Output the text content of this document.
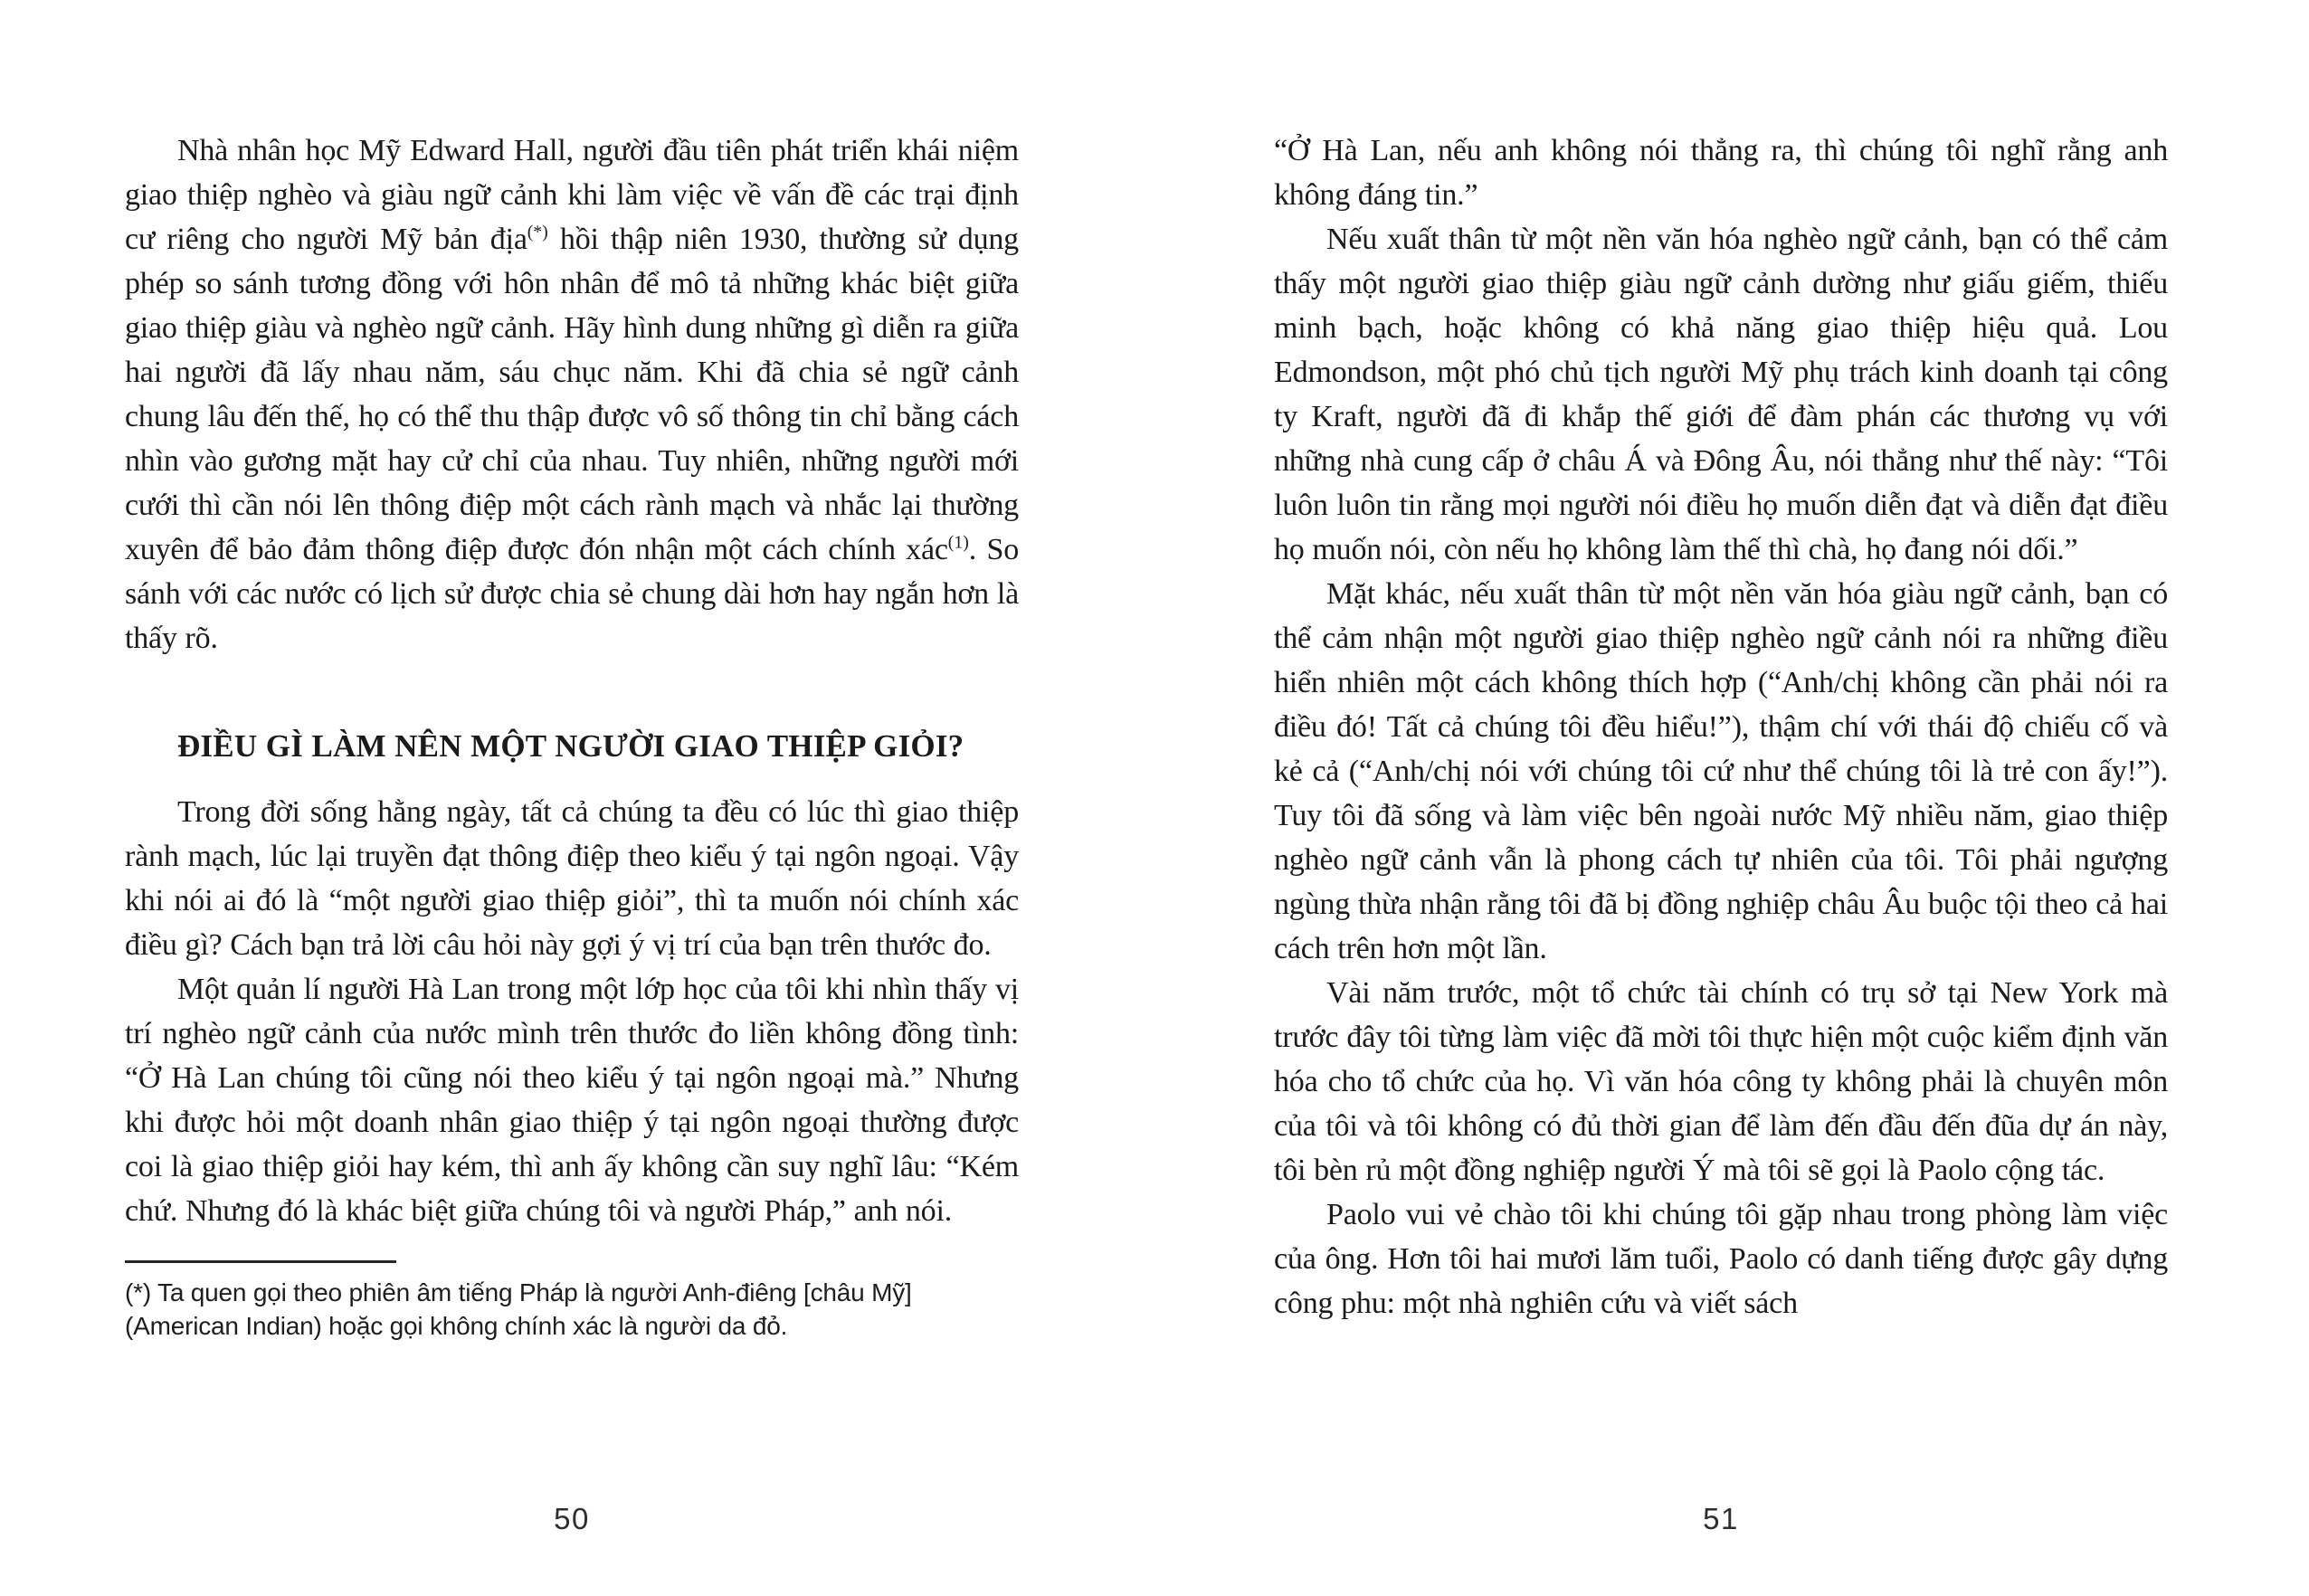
Nhà nhân học Mỹ Edward Hall, người đầu tiên phát triển khái niệm giao thiệp nghèo và giàu ngữ cảnh khi làm việc về vấn đề các trại định cư riêng cho người Mỹ bản địa(*) hồi thập niên 1930, thường sử dụng phép so sánh tương đồng với hôn nhân để mô tả những khác biệt giữa giao thiệp giàu và nghèo ngữ cảnh. Hãy hình dung những gì diễn ra giữa hai người đã lấy nhau năm, sáu chục năm. Khi đã chia sẻ ngữ cảnh chung lâu đến thế, họ có thể thu thập được vô số thông tin chỉ bằng cách nhìn vào gương mặt hay cử chỉ của nhau. Tuy nhiên, những người mới cưới thì cần nói lên thông điệp một cách rành mạch và nhắc lại thường xuyên để bảo đảm thông điệp được đón nhận một cách chính xác$^{(1)}$. So sánh với các nước có lịch sử được chia sẻ chung dài hơn hay ngắn hơn là thấy rõ.

ĐIỀU GÌ LÀM NÊN MỘT NGƯỜI GIAO THIỆP GIỎI?

Trong đời sống hằng ngày, tất cả chúng ta đều có lúc thì giao thiệp rành mạch, lúc lại truyền đạt thông điệp theo kiểu ý tại ngôn ngoại. Vậy khi nói ai đó là “một người giao thiệp giỏi”, thì ta muốn nói chính xác điều gì? Cách bạn trả lời câu hỏi này gợi ý vị trí của bạn trên thước đo.

Một quản lí người Hà Lan trong một lớp học của tôi khi nhìn thấy vị trí nghèo ngữ cảnh của nước mình trên thước đo liền không đồng tình: “Ở Hà Lan chúng tôi cũng nói theo kiểu ý tại ngôn ngoại mà.” Nhưng khi được hỏi một doanh nhân giao thiệp ý tại ngôn ngoại thường được coi là giao thiệp giỏi hay kém, thì anh ấy không cần suy nghĩ lâu: “Kém chứ. Nhưng đó là khác biệt giữa chúng tôi và người Pháp,” anh nói.

(*) Ta quen gọi theo phiên âm tiếng Pháp là người Anh-điêng [châu Mỹ] (American Indian) hoặc gọi không chính xác là người da đỏ.

50

“Ở Hà Lan, nếu anh không nói thẳng ra, thì chúng tôi nghĩ rằng anh không đáng tin.”

Nếu xuất thân từ một nền văn hóa nghèo ngữ cảnh, bạn có thể cảm thấy một người giao thiệp giàu ngữ cảnh dường như giấu giếm, thiếu minh bạch, hoặc không có khả năng giao thiệp hiệu quả. Lou Edmondson, một phó chủ tịch người Mỹ phụ trách kinh doanh tại công ty Kraft, người đã đi khắp thế giới để đàm phán các thương vụ với những nhà cung cấp ở châu Á và Đông Âu, nói thẳng như thế này: “Tôi luôn luôn tin rằng mọi người nói điều họ muốn diễn đạt và diễn đạt điều họ muốn nói, còn nếu họ không làm thế thì chà, họ đang nói dối.”

Mặt khác, nếu xuất thân từ một nền văn hóa giàu ngữ cảnh, bạn có thể cảm nhận một người giao thiệp nghèo ngữ cảnh nói ra những điều hiển nhiên một cách không thích hợp (“Anh/chị không cần phải nói ra điều đó! Tất cả chúng tôi đều hiểu!”), thậm chí với thái độ chiếu cố và kẻ cả (“Anh/chị nói với chúng tôi cứ như thể chúng tôi là trẻ con ấy!”). Tuy tôi đã sống và làm việc bên ngoài nước Mỹ nhiều năm, giao thiệp nghèo ngữ cảnh vẫn là phong cách tự nhiên của tôi. Tôi phải ngượng ngùng thừa nhận rằng tôi đã bị đồng nghiệp châu Âu buộc tội theo cả hai cách trên hơn một lần.

Vài năm trước, một tổ chức tài chính có trụ sở tại New York mà trước đây tôi từng làm việc đã mời tôi thực hiện một cuộc kiểm định văn hóa cho tổ chức của họ. Vì văn hóa công ty không phải là chuyên môn của tôi và tôi không có đủ thời gian để làm đến đầu đến đũa dự án này, tôi bèn rủ một đồng nghiệp người Ý mà tôi sẽ gọi là Paolo cộng tác.

Paolo vui vẻ chào tôi khi chúng tôi gặp nhau trong phòng làm việc của ông. Hơn tôi hai mươi lăm tuổi, Paolo có danh tiếng được gây dựng công phu: một nhà nghiên cứu và viết sách

51
